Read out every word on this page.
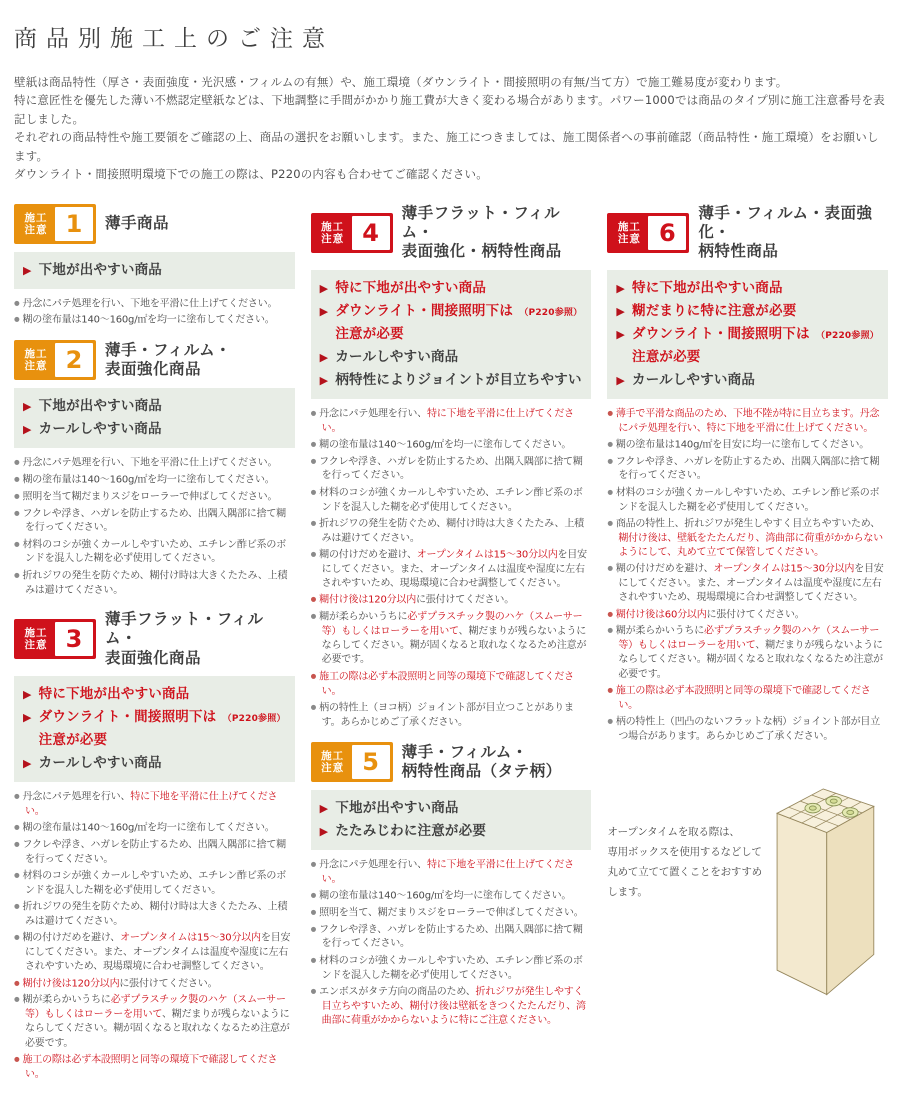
商品別施工上のご注意
壁紙は商品特性（厚さ・表面強度・光沢感・フィルムの有無）や、施工環境（ダウンライト・間接照明の有無/当て方）で施工難易度が変わります。
特に意匠性を優先した薄い不燃認定壁紙などは、下地調整に手間がかかり施工費が大きく変わる場合があります。パワー1000では商品のタイプ別に施工注意番号を表記しました。
それぞれの商品特性や施工要領をご確認の上、商品の選択をお願いします。また、施工につきましては、施工関係者への事前確認（商品特性・施工環境）をお願いします。
ダウンライト・間接照明環境下での施工の際は、P220の内容も合わせてご確認ください。
施工
注意 1	薄手商品
▶ 下地が出やすい商品

● 丹念にパテ処理を行い、下地を平滑に仕上げてください。

● 糊の塗布量は140～160g/㎡を均一に塗布してください。

施工
注意 2	薄手・フィルム・
表面強化商品
▶ 下地が出やすい商品
▶ カールしやすい商品

● 丹念にパテ処理を行い、下地を平滑に仕上げてください。

● 糊の塗布量は140～160g/㎡を均一に塗布してください。

● 照明を当て糊だまりスジをローラーで伸ばしてください。

● フクレや浮き、ハガレを防止するため、出隅入隅部に捨て糊を行ってください。

● 材料のコシが強くカールしやすいため、エチレン酢ビ系のボンドを混入した糊を必ず使用してください。

● 折れジワの発生を防ぐため、糊付け時は大きくたたみ、上積みは避けてください。

施工
注意 3
薄手フラット・フィルム・
表面強化商品
▶ 特に下地が出やすい商品
▶ ダウンライト・間接照明下は注意が必要
（P220参照）
▶ カールしやすい商品

● 丹念にパテ処理を行い、特に下地を平滑に仕上げてください。

● 糊の塗布量は140～160g/㎡を均一に塗布してください。

● フクレや浮き、ハガレを防止するため、出隅入隅部に捨て糊を行ってください。

● 材料のコシが強くカールしやすいため、エチレン酢ビ系のボンドを混入した糊を必ず使用してください。

● 折れジワの発生を防ぐため、糊付け時は大きくたたみ、上積みは避けてください。

● 糊の付けだめを避け、オープンタイムは15～30分以内を目安にしてください。また、オープンタイムは温度や湿度に左右されやすいため、現場環境に合わせ調整してください。

● 糊付け後は120分以内に張付けてください。

● 糊が柔らかいうちに必ずプラスチック製のハケ（スムーサー等）もしくはローラーを用いて、糊だまりが残らないようにならしてください。糊が固くなると取れなくなるため注意が必要です。

● 施工の際は必ず本設照明と同等の環境下で確認してください。

施工
注意 4
薄手フラット・フィルム・
表面強化・柄特性商品
▶ 特に下地が出やすい商品
▶ ダウンライト・間接照明下は注意が必要
（P220参照）
▶ カールしやすい商品
▶ 柄特性によりジョイントが目立ちやすい

● 丹念にパテ処理を行い、特に下地を平滑に仕上げてください。

● 糊の塗布量は140～160g/㎡を均一に塗布してください。

● フクレや浮き、ハガレを防止するため、出隅入隅部に捨て糊を行ってください。

● 材料のコシが強くカールしやすいため、エチレン酢ビ系のボンドを混入した糊を必ず使用してください。

● 折れジワの発生を防ぐため、糊付け時は大きくたたみ、上積みは避けてください。

● 糊の付けだめを避け、オープンタイムは15～30分以内を目安にしてください。また、オープンタイムは温度や湿度に左右されやすいため、現場環境に合わせ調整してください。

● 糊付け後は120分以内に張付けてください。

● 糊が柔らかいうちに必ずプラスチック製のハケ（スムーサー等）もしくはローラーを用いて、糊だまりが残らないようにならしてください。糊が固くなると取れなくなるため注意が必要です。

● 施工の際は必ず本設照明と同等の環境下で確認してください。

● 柄の特性上（ヨコ柄）ジョイント部が目立つことがあります。あらかじめご了承ください。

施工
注意 5	薄手・フィルム・
柄特性商品（タテ柄）
▶ 下地が出やすい商品
▶ たたみじわに注意が必要

● 丹念にパテ処理を行い、特に下地を平滑に仕上げてください。

● 糊の塗布量は140～160g/㎡を均一に塗布してください。

● 照明を当て、糊だまりスジをローラーで伸ばしてください。

● フクレや浮き、ハガレを防止するため、出隅入隅部に捨て糊を行ってください。

● 材料のコシが強くカールしやすいため、エチレン酢ビ系のボンドを混入した糊を必ず使用してください。

● エンボスがタテ方向の商品のため、折れジワが発生しやすく目立ちやすいため、糊付け後は壁紙をきつくたたんだり、湾曲部に荷重がかからないように特にご注意ください。

施工
注意 6
薄手・フィルム・表面強化・
柄特性商品
▶ 特に下地が出やすい商品
▶ 糊だまりに特に注意が必要
▶ ダウンライト・間接照明下は注意が必要
（P220参照）
▶ カールしやすい商品

● 薄手で平滑な商品のため、下地不陸が特に目立ちます。丹念にパテ処理を行い、特に下地を平滑に仕上げてください。

● 糊の塗布量は140g/㎡を目安に均一に塗布してください。

● フクレや浮き、ハガレを防止するため、出隅入隅部に捨て糊を行ってください。

● 材料のコシが強くカールしやすいため、エチレン酢ビ系のボンドを混入した糊を必ず使用してください。

● 商品の特性上、折れジワが発生しやすく目立ちやすいため、糊付け後は、壁紙をたたんだり、湾曲部に荷重がかからないようにして、丸めて立てて保管してください。

● 糊の付けだめを避け、オープンタイムは15～30分以内を目安にしてください。また、オープンタイムは温度や湿度に左右されやすいため、現場環境に合わせ調整してください。

● 糊付け後は60分以内に張付けてください。

● 糊が柔らかいうちに必ずプラスチック製のハケ（スムーサー等）もしくはローラーを用いて、糊だまりが残らないようにならしてください。糊が固くなると取れなくなるため注意が必要です。

● 施工の際は必ず本設照明と同等の環境下で確認してください。

● 柄の特性上（凹凸のないフラットな柄）ジョイント部が目立つ場合があります。あらかじめご了承ください。

オープンタイムを取る際は、
専用ボックスを使用するなどして
丸めて立てて置くことをおすすめします。
